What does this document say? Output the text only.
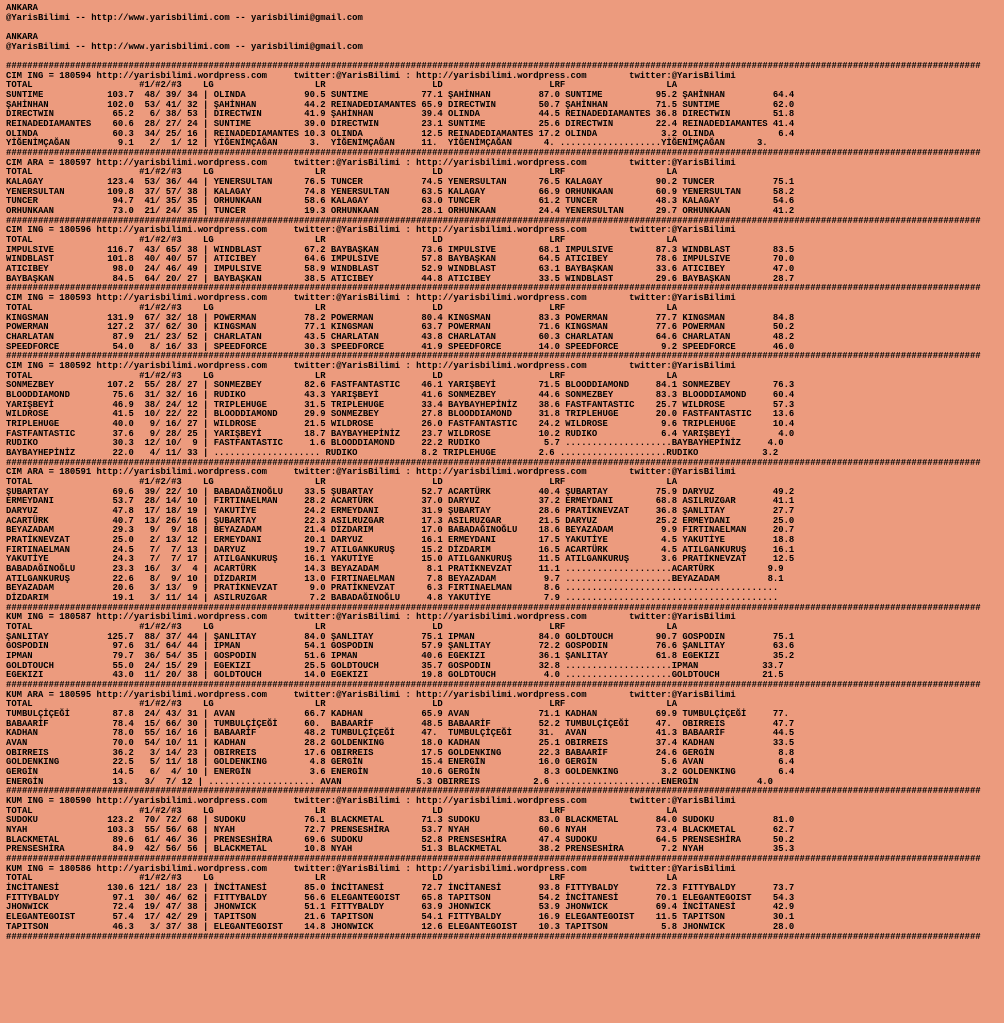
ANKARA
@YarisBilimi -- http://www.yarisbilimi.com -- yarisbilimi@gmail.com

ANKARA
@YarisBilimi -- http://www.yarisbilimi.com -- yarisbilimi@gmail.com

#######################################################################################################################################################################################
CIM ING = 180594 http://yarisbilimi.wordpress.com     twitter:@YarisBilimi : http://yarisbilimi.wordpress.com        twitter:@YarisBilimi
TOTAL                    #1/#2/#3    LG                   LR                    LD                    LRF                   LA
SUNTIME            103.7  48/ 39/ 34 | OLINDA           90.5 SUNTIME          77.1 ŞAHİNHAN         87.0 SUNTIME          95.2 ŞAHİNHAN         64.4
ŞAHİNHAN           102.0  53/ 41/ 32 | ŞAHİNHAN         44.2 REINADEDIAMANTES 65.9 DIRECTWIN        50.7 ŞAHİNHAN         71.5 SUNTIME          62.0
DIRECTWIN           65.2   6/ 38/ 53 | DIRECTWIN        41.9 ŞAHİNHAN         39.4 OLINDA           44.5 REINADEDIAMANTES 36.8 DIRECTWIN        51.8
REINADEDIAMANTES    60.6  28/ 27/ 24 | SUNTIME          39.0 DIRECTWIN        23.1 SUNTIME          25.6 DIRECTWIN        22.4 REINADEDIAMANTES 41.4
OLINDA              60.3  34/ 25/ 16 | REINADEDIAMANTES 10.3 OLINDA           12.5 REINADEDIAMANTES 17.2 OLINDA            3.2 OLINDA            6.4
YİĞENİMÇAĞAN         9.1   2/  1/ 12 | YİĞENİMÇAĞAN      3.  YİĞENİMÇAĞAN     11.  YİĞENİMÇAĞAN      4. ...................YİĞENİMÇAĞAN      3.
#######################################################################################################################################################################################
CIM ARA = 180597 http://yarisbilimi.wordpress.com     twitter:@YarisBilimi : http://yarisbilimi.wordpress.com        twitter:@YarisBilimi
TOTAL                    #1/#2/#3    LG                   LR                    LD                    LRF                   LA
KALAGAY            123.4  53/ 36/ 44 | YENERSULTAN      76.5 TUNCER           74.5 YENERSULTAN      76.5 KALAGAY          90.2 TUNCER           75.1
YENERSULTAN        109.8  37/ 57/ 38 | KALAGAY          74.8 YENERSULTAN      63.5 KALAGAY          66.9 ORHUNKAAN        60.9 YENERSULTAN      58.2
TUNCER              94.7  41/ 35/ 35 | ORHUNKAAN        58.6 KALAGAY          63.0 TUNCER           61.2 TUNCER           48.3 KALAGAY          54.6
ORHUNKAAN           73.0  21/ 24/ 35 | TUNCER           19.3 ORHUNKAAN        28.1 ORHUNKAAN        24.4 YENERSULTAN      29.7 ORHUNKAAN        41.2
#######################################################################################################################################################################################
CIM ING = 180596 http://yarisbilimi.wordpress.com     twitter:@YarisBilimi : http://yarisbilimi.wordpress.com        twitter:@YarisBilimi
TOTAL                    #1/#2/#3    LG                   LR                    LD                    LRF                   LA
IMPULSIVE          116.7  43/ 65/ 38 | WINDBLAST        67.2 BAYBAŞKAN        73.6 IMPULSIVE        68.1 IMPULSIVE        87.3 WINDBLAST        83.5
WINDBLAST          101.8  40/ 40/ 57 | ATICIBEY         64.6 IMPULSIVE        57.8 BAYBAŞKAN        64.5 ATICIBEY         78.6 IMPULSIVE        70.0
ATICIBEY            98.0  24/ 46/ 49 | IMPULSIVE        58.9 WINDBLAST        52.9 WINDBLAST        63.1 BAYBAŞKAN        33.6 ATICIBEY         47.0
BAYBAŞKAN           84.5  64/ 20/ 27 | BAYBAŞKAN        38.5 ATICIBEY         44.8 ATICIBEY         33.5 WINDBLAST        29.6 BAYBAŞKAN        28.7
#######################################################################################################################################################################################
CIM ING = 180593 http://yarisbilimi.wordpress.com     twitter:@YarisBilimi : http://yarisbilimi.wordpress.com        twitter:@YarisBilimi
TOTAL                    #1/#2/#3    LG                   LR                    LD                    LRF                   LA
KINGSMAN           131.9  67/ 32/ 18 | POWERMAN         78.2 POWERMAN         80.4 KINGSMAN         83.3 POWERMAN         77.7 KINGSMAN         84.8
POWERMAN           127.2  37/ 62/ 30 | KINGSMAN         77.1 KINGSMAN         63.7 POWERMAN         71.6 KINGSMAN         77.6 POWERMAN         50.2
CHARLATAN           87.9  21/ 23/ 52 | CHARLATAN        43.5 CHARLATAN        43.8 CHARLATAN        60.3 CHARLATAN        64.6 CHARLATAN        48.2
SPEEDFORCE          54.0   8/ 16/ 33 | SPEEDFORCE       30.3 SPEEDFORCE       41.9 SPEEDFORCE       14.0 SPEEDFORCE        9.2 SPEEDFORCE       46.0
#######################################################################################################################################################################################
CIM ING = 180592 http://yarisbilimi.wordpress.com     twitter:@YarisBilimi : http://yarisbilimi.wordpress.com        twitter:@YarisBilimi
TOTAL                    #1/#2/#3    LG                   LR                    LD                    LRF                   LA
SONMEZBEY          107.2  55/ 28/ 27 | SONMEZBEY        82.6 FASTFANTASTIC    46.1 YARIŞBEYİ        71.5 BLOODDIAMOND     84.1 SONMEZBEY        76.3
BLOODDIAMOND        75.6  31/ 32/ 16 | RUDIKO           43.3 YARIŞBEYİ        41.6 SONMEZBEY        44.6 SONMEZBEY        83.3 BLOODDIAMOND     60.4
YARIŞBEYİ           46.9  38/ 24/ 12 | TRIPLEHUGE       31.5 TRIPLEHUGE       33.4 BAYBAYHEPİNİZ    38.6 FASTFANTASTIC    25.7 WILDROSE         57.3
WILDROSE            41.5  10/ 22/ 22 | BLOODDIAMOND     29.9 SONMEZBEY        27.8 BLOODDIAMOND     31.8 TRIPLEHUGE       20.0 FASTFANTASTIC    13.6
TRIPLEHUGE          40.0   9/ 16/ 27 | WILDROSE         21.5 WILDROSE         26.0 FASTFANTASTIC    24.2 WILDROSE          9.6 TRIPLEHUGE       10.4
FASTFANTASTIC       37.6   9/ 28/ 25 | YARIŞBEYİ        18.7 BAYBAYHEPİNİZ    23.7 WILDROSE         10.2 RUDIKO            6.4 YARIŞBEYİ         4.0
RUDIKO              30.3  12/ 10/  9 | FASTFANTASTIC     1.6 BLOODDIAMOND     22.2 RUDIKO            5.7 ....................BAYBAYHEPİNİZ     4.0
BAYBAYHEPİNİZ       22.0   4/ 11/ 33 | .................... RUDIKO            8.2 TRIPLEHUGE        2.6 ....................RUDIKO            3.2
#######################################################################################################################################################################################
CIM ARA = 180591 http://yarisbilimi.wordpress.com     twitter:@YarisBilimi : http://yarisbilimi.wordpress.com        twitter:@YarisBilimi
TOTAL                    #1/#2/#3    LG                   LR                    LD                    LRF                   LA
ŞUBARTAY            69.6  39/ 22/ 10 | BABADAĞINOĞLU    33.5 ŞUBARTAY         52.7 ACARTÜRK         40.4 ŞUBARTAY         75.9 DARYUZ           49.2
ERMEYDANI           53.7  28/ 14/ 10 | FIRTINAELMAN     28.2 ACARTÜRK         37.0 DARYUZ           37.2 ERMEYDANI        68.8 ASILRUZGAR       41.1
DARYUZ              47.8  17/ 18/ 19 | YAKUTİYE         24.2 ERMEYDANI        31.9 ŞUBARTAY         28.6 PRATİKNEVZAT     36.8 ŞANLITAY         27.7
ACARTÜRK            40.7  13/ 26/ 16 | ŞUBARTAY         22.3 ASILRUZGAR       17.3 ASILRUZGAR       21.5 DARYUZ           25.2 ERMEYDANI        25.0
BEYAZADAM           29.3   9/  9/ 18 | BEYAZADAM        21.4 DİZDARIM         17.0 BABADAĞINOĞLU    18.6 BEYAZADAM         9.9 FIRTINAELMAN     20.7
PRATİKNEVZAT        25.0   2/ 13/ 12 | ERMEYDANI        20.1 DARYUZ           16.1 ERMEYDANI        17.5 YAKUTİYE          4.5 YAKUTİYE         18.8
FIRTINAELMAN        24.5   7/  7/ 13 | DARYUZ           19.7 ATILGANKURUŞ     15.2 DİZDARIM         16.5 ACARTÜRK          4.5 ATILGANKURUŞ     16.1
YAKUTİYE            24.3   7/  7/ 17 | ATILGANKURUŞ     16.1 YAKUTİYE         15.0 ATILGANKURUŞ     11.5 ATILGANKURUŞ      3.6 PRATİKNEVZAT     12.5
BABADAĞINOĞLU       23.3  16/  3/  4 | ACARTÜRK         14.3 BEYAZADAM         8.1 PRATİKNEVZAT     11.1 ....................ACARTÜRK          9.9
ATILGANKURUŞ        22.6   8/  9/ 10 | DİZDARIM         13.0 FIRTINAELMAN      7.8 BEYAZADAM         9.7 ....................BEYAZADAM         8.1
BEYAZADAM           20.6   3/ 13/  9 | PRATİKNEVZAT      9.0 PRATİKNEVZAT      6.3 FIRTINAELMAN      8.6 ........................................
DİZDARIM            19.1   3/ 11/ 14 | ASILRUZGAR        7.2 BABADAĞINOĞLU     4.8 YAKUTİYE          7.9 ........................................
#######################################################################################################################################################################################
KUM ING = 180587 http://yarisbilimi.wordpress.com     twitter:@YarisBilimi : http://yarisbilimi.wordpress.com        twitter:@YarisBilimi
TOTAL                    #1/#2/#3    LG                   LR                    LD                    LRF                   LA
ŞANLITAY           125.7  88/ 37/ 44 | ŞANLITAY         84.0 ŞANLITAY         75.1 IPMAN            84.0 GOLDTOUCH        90.7 GOSPODIN         75.1
GOSPODIN            97.6  31/ 64/ 44 | IPMAN            54.1 GOSPODIN         57.9 ŞANLITAY         72.2 GOSPODIN         76.6 ŞANLITAY         63.6
IPMAN               79.7  36/ 54/ 35 | GOSPODIN         51.6 IPMAN            40.6 EGEKIZI          36.1 ŞANLITAY         61.8 EGEKIZI          35.2
GOLDTOUCH           55.0  24/ 15/ 29 | EGEKIZI          25.5 GOLDTOUCH        35.7 GOSPODIN         32.8 ....................IPMAN            33.7
EGEKIZI             43.0  11/ 20/ 38 | GOLDTOUCH        14.0 EGEKIZI          19.8 GOLDTOUCH         4.0 ....................GOLDTOUCH        21.5
#######################################################################################################################################################################################
KUM ARA = 180595 http://yarisbilimi.wordpress.com     twitter:@YarisBilimi : http://yarisbilimi.wordpress.com        twitter:@YarisBilimi
TOTAL                    #1/#2/#3    LG                   LR                    LD                    LRF                   LA
TUMBULÇİÇEĞİ        87.8  24/ 43/ 31 | AVAN             66.7 KADHAN           65.9 AVAN             71.1 KADHAN           69.9 TUMBULÇİÇEĞİ     77.
BABAARİF            78.4  15/ 66/ 30 | TUMBULÇİÇEĞİ     60.  BABAARİF         48.5 BABAARİF         52.2 TUMBULÇİÇEĞİ     47.  OBIRREIS         47.7
KADHAN              78.0  55/ 16/ 16 | BABAARİF         48.2 TUMBULÇİÇEĞİ     47.  TUMBULÇİÇEĞİ     31.  AVAN             41.3 BABAARİF         44.5
AVAN                70.0  54/ 10/ 11 | KADHAN           28.2 GOLDENKING       18.0 KADHAN           25.1 OBIRREIS         37.4 KADHAN           33.5
OBIRREIS            36.2   3/ 14/ 23 | OBIRREIS         17.6 OBIRREIS         17.5 GOLDENKING       22.3 BABAARİF         24.6 GERGİN            8.8
GOLDENKING          22.5   5/ 11/ 18 | GOLDENKING        4.8 GERGİN           15.4 ENERGİN          16.0 GERGİN            5.6 AVAN              6.4
GERGİN              14.5   6/  4/ 10 | ENERGİN           3.6 ENERGİN          10.6 GERGİN            8.3 GOLDENKING        3.2 GOLDENKING        6.4
ENERGİN             13.   3/  7/ 12 | .................... AVAN              5.3 OBIRREIS          2.6 ....................ENERGİN           4.0
#######################################################################################################################################################################################
KUM ING = 180590 http://yarisbilimi.wordpress.com     twitter:@YarisBilimi : http://yarisbilimi.wordpress.com        twitter:@YarisBilimi
TOTAL                    #1/#2/#3    LG                   LR                    LD                    LRF                   LA
SUDOKU             123.2  70/ 72/ 68 | SUDOKU           76.1 BLACKMETAL       71.3 SUDOKU           83.0 BLACKMETAL       84.0 SUDOKU           81.0
NYAH               103.3  55/ 56/ 68 | NYAH             72.7 PRENSESHİRA      53.7 NYAH             60.6 NYAH             73.4 BLACKMETAL       62.7
BLACKMETAL          89.6  61/ 46/ 36 | PRENSESHİRA      69.6 SUDOKU           52.8 PRENSESHİRA      47.4 SUDOKU           64.5 PRENSESHİRA      50.2
PRENSESHİRA         84.9  42/ 56/ 56 | BLACKMETAL       10.8 NYAH             51.3 BLACKMETAL       38.2 PRENSESHİRA       7.2 NYAH             35.3
#######################################################################################################################################################################################
KUM ING = 180586 http://yarisbilimi.wordpress.com     twitter:@YarisBilimi : http://yarisbilimi.wordpress.com        twitter:@YarisBilimi
TOTAL                    #1/#2/#3    LG                   LR                    LD                    LRF                   LA
İNCİTANESİ         130.6 121/ 18/ 23 | İNCİTANESİ       85.0 İNCİTANESİ       72.7 İNCİTANESİ       93.8 FITTYBALDY       72.3 FITTYBALDY       73.7
FITTYBALDY          97.1  30/ 46/ 62 | FITTYBALDY       56.6 ELEGANTEGOIST    65.8 TAPITSON         54.2 İNCİTANESİ       70.1 ELEGANTEGOIST    54.3
JHONWICK            72.4  19/ 47/ 38 | JHONWICK         51.1 FITTYBALDY       63.9 JHONWICK         53.9 JHONWICK         69.4 İNCİTANESİ       42.9
ELEGANTEGOIST       57.4  17/ 42/ 29 | TAPITSON         21.6 TAPITSON         54.1 FITTYBALDY       16.9 ELEGANTEGOIST    11.5 TAPITSON         30.1
TAPITSON            46.3   3/ 37/ 38 | ELEGANTEGOIST    14.8 JHONWICK         12.6 ELEGANTEGOIST    10.3 TAPITSON          5.8 JHONWICK         28.0
#######################################################################################################################################################################################
